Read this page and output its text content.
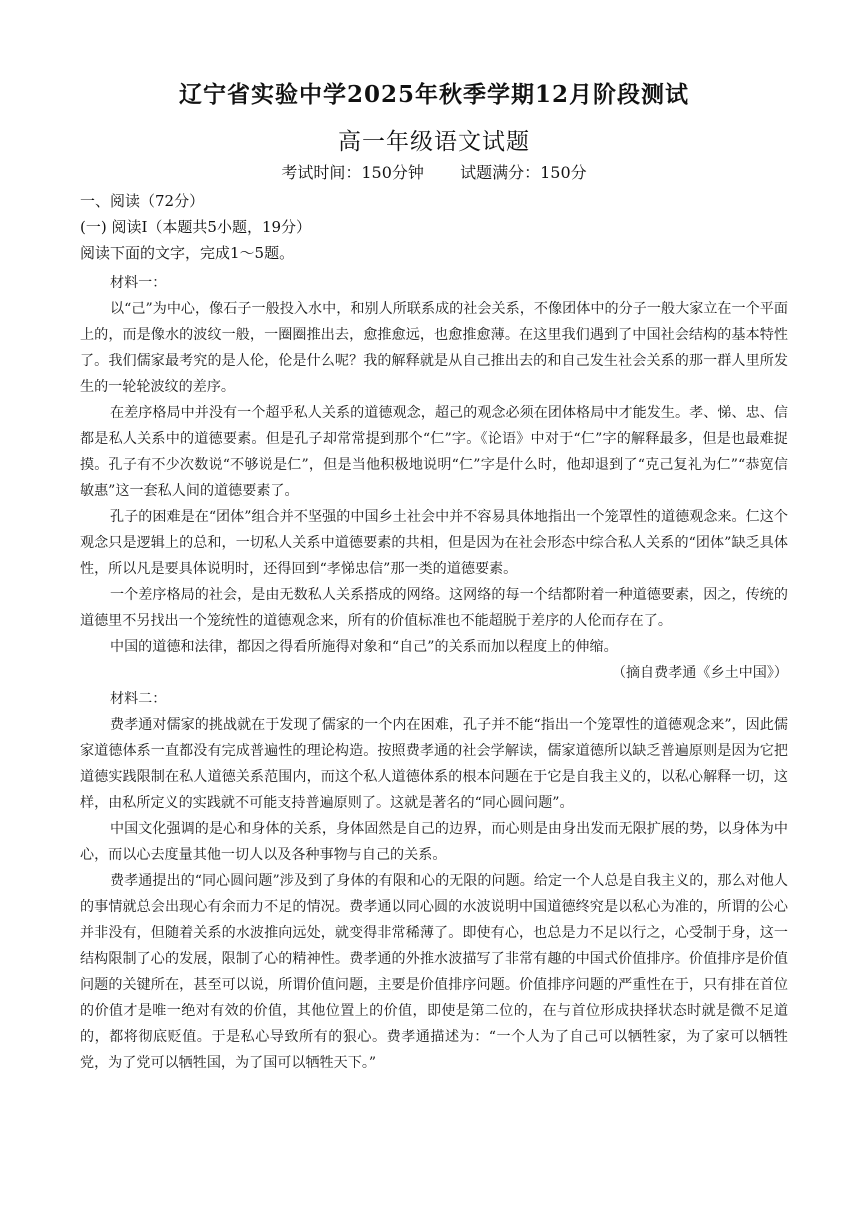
辽宁省实验中学2025年秋季学期12月阶段测试
高一年级语文试题
考试时间：150分钟 试题满分：150分
一、阅读（72分）
(一) 阅读Ⅰ（本题共5小题，19分）
阅读下面的文字，完成1～5题。

材料一：

以“己”为中心，像石子一般投入水中，和别人所联系成的社会关系，不像团体中的分子一般大家立在一个平面上的，而是像水的波纹一般，一圈圈推出去，愈推愈远，也愈推愈薄。在这里我们遇到了中国社会结构的基本特性了。我们儒家最考究的是人伦，伦是什么呢？我的解释就是从自己推出去的和自己发生社会关系的那一群人里所发生的一轮轮波纹的差序。

在差序格局中并没有一个超乎私人关系的道德观念，超己的观念必须在团体格局中才能发生。孝、悌、忠、信都是私人关系中的道德要素。但是孔子却常常提到那个“仁”字。《论语》中对于“仁”字的解释最多，但是也最难捉摸。孔子有不少次数说“不够说是仁”，但是当他积极地说明“仁”字是什么时，他却退到了“克己复礼为仁”“恭宽信敏惠”这一套私人间的道德要素了。

孔子的困难是在“团体”组合并不坚强的中国乡土社会中并不容易具体地指出一个笼罩性的道德观念来。仁这个观念只是逻辑上的总和，一切私人关系中道德要素的共相，但是因为在社会形态中综合私人关系的“团体”缺乏具体性，所以凡是要具体说明时，还得回到“孝悌忠信”那一类的道德要素。

一个差序格局的社会，是由无数私人关系搭成的网络。这网络的每一个结都附着一种道德要素，因之，传统的道德里不另找出一个笼统性的道德观念来，所有的价值标准也不能超脱于差序的人伦而存在了。

中国的道德和法律，都因之得看所施得对象和“自己”的关系而加以程度上的伸缩。

（摘自费孝通《乡土中国》）

材料二：

费孝通对儒家的挑战就在于发现了儒家的一个内在困难，孔子并不能“指出一个笼罩性的道德观念来”，因此儒家道德体系一直都没有完成普遍性的理论构造。按照费孝通的社会学解读，儒家道德所以缺乏普遍原则是因为它把道德实践限制在私人道德关系范围内，而这个私人道德体系的根本问题在于它是自我主义的，以私心解释一切，这样，由私所定义的实践就不可能支持普遍原则了。这就是著名的“同心圆问题”。

中国文化强调的是心和身体的关系，身体固然是自己的边界，而心则是由身出发而无限扩展的势，以身体为中心，而以心去度量其他一切人以及各种事物与自己的关系。

费孝通提出的“同心圆问题”涉及到了身体的有限和心的无限的问题。给定一个人总是自我主义的，那么对他人的事情就总会出现心有余而力不足的情况。费孝通以同心圆的水波说明中国道德终究是以私心为准的，所谓的公心并非没有，但随着关系的水波推向远处，就变得非常稀薄了。即使有心，也总是力不足以行之，心受制于身，这一结构限制了心的发展，限制了心的精神性。费孝通的外推水波描写了非常有趣的中国式价值排序。价值排序是价值问题的关键所在，甚至可以说，所谓价值问题，主要是价值排序问题。价值排序问题的严重性在于，只有排在首位的价值才是唯一绝对有效的价值，其他位置上的价值，即使是第二位的，在与首位形成抉择状态时就是微不足道的，都将彻底贬值。于是私心导致所有的狠心。费孝通描述为：“一个人为了自己可以牺牲家，为了家可以牺牲党，为了党可以牺牲国，为了国可以牺牲天下。”
